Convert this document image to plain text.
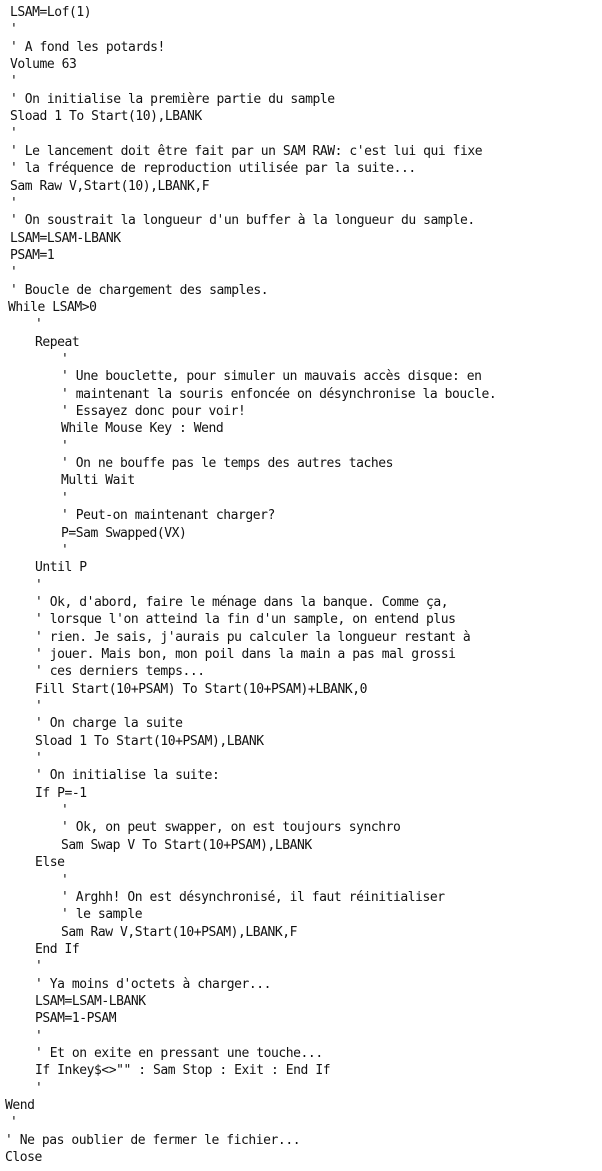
LSAM=Lof(1)
'
' A fond les potards!
Volume 63
'
' On initialise la première partie du sample
Sload 1 To Start(10),LBANK
'
' Le lancement doit être fait par un SAM RAW: c'est lui qui fixe
' la fréquence de reproduction utilisée par la suite...
Sam Raw V,Start(10),LBANK,F
'
' On soustrait la longueur d'un buffer à la longueur du sample.
LSAM=LSAM-LBANK
PSAM=1
'
' Boucle de chargement des samples.
While LSAM>0
'
Repeat
'
' Une bouclette, pour simuler un mauvais accès disque: en
' maintenant la souris enfoncée on désynchronise la boucle.
' Essayez donc pour voir!
While Mouse Key : Wend
'
' On ne bouffe pas le temps des autres taches
Multi Wait
'
' Peut-on maintenant charger?
P=Sam Swapped(VX)
'
Until P
'
' Ok, d'abord, faire le ménage dans la banque. Comme ça,
' lorsque l'on atteind la fin d'un sample, on entend plus
' rien. Je sais, j'aurais pu calculer la longueur restant à
' jouer. Mais bon, mon poil dans la main a pas mal grossi
' ces derniers temps...
Fill Start(10+PSAM) To Start(10+PSAM)+LBANK,0
'
' On charge la suite
Sload 1 To Start(10+PSAM),LBANK
'
' On initialise la suite:
If P=-1
'
' Ok, on peut swapper, on est toujours synchro
Sam Swap V To Start(10+PSAM),LBANK
Else
'
' Arghh! On est désynchronisé, il faut réinitialiser
' le sample
Sam Raw V,Start(10+PSAM),LBANK,F
End If
'
' Ya moins d'octets à charger...
LSAM=LSAM-LBANK
PSAM=1-PSAM
'
' Et on exite en pressant une touche...
If Inkey$<>"" : Sam Stop : Exit : End If
'
Wend
'
' Ne pas oublier de fermer le fichier...
Close
